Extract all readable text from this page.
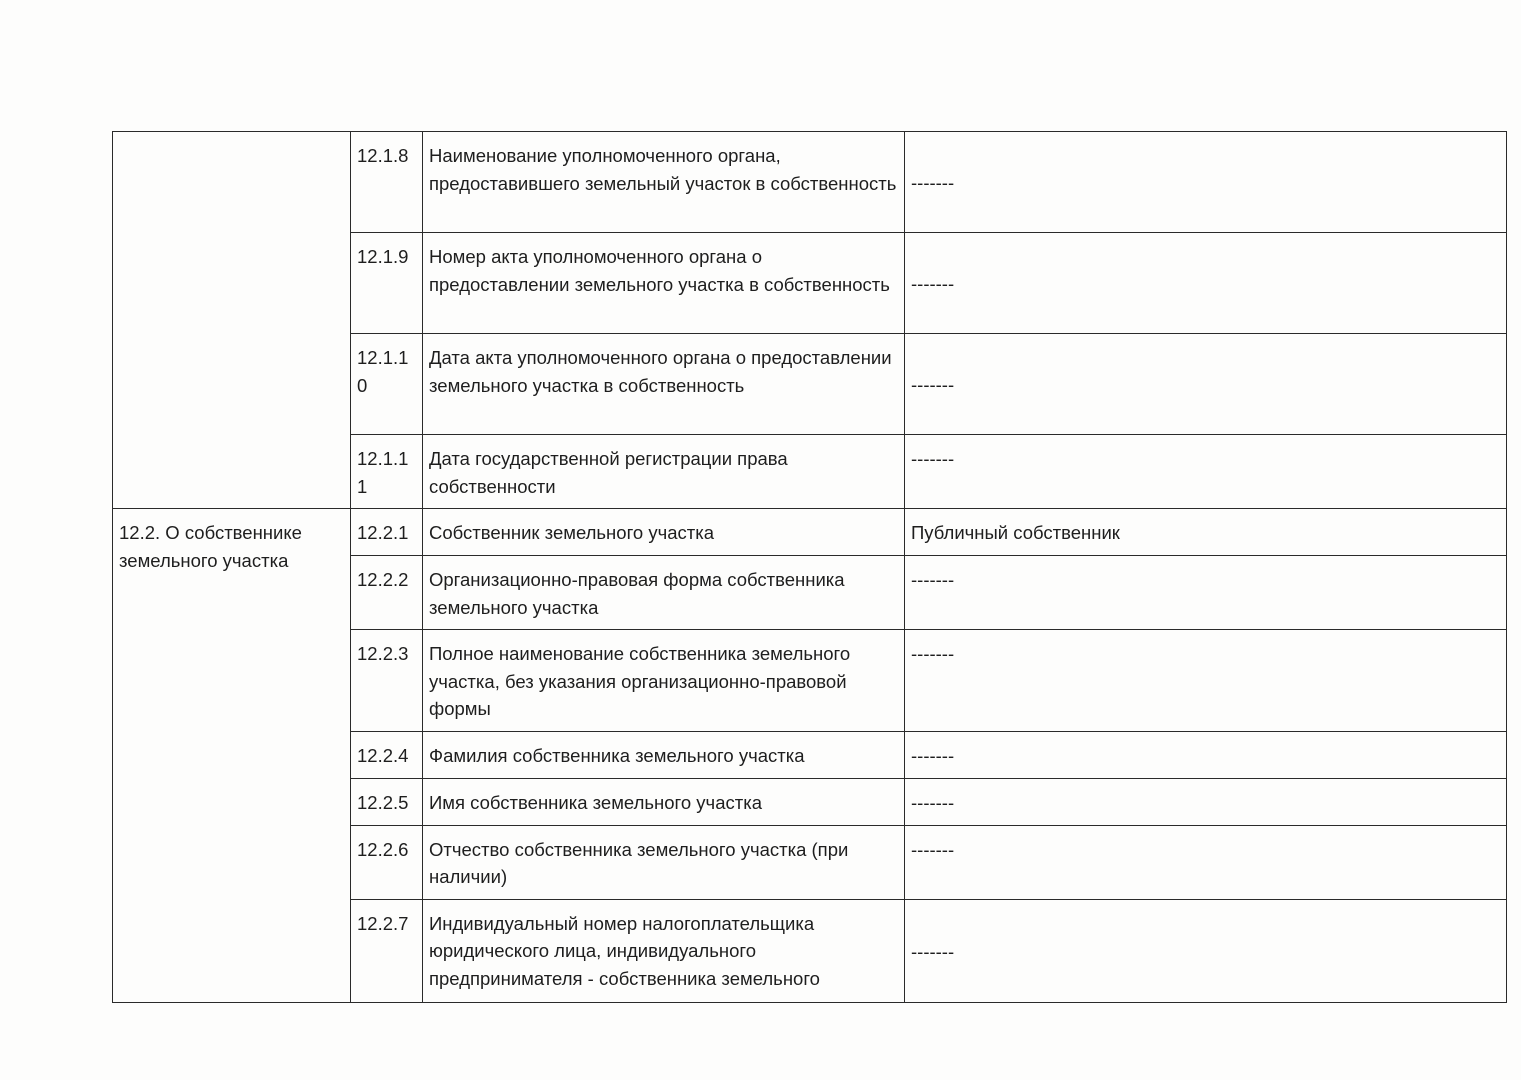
	12.1.8	Наименование уполномоченного органа, предоставившего земельный участок в собственность	-------
	12.1.9	Номер акта уполномоченного органа о предоставлении земельного участка в собственность	-------
	12.1.10	Дата акта уполномоченного органа о предоставлении земельного участка в собственность	-------
	12.1.11	Дата государственной регистрации права собственности	-------
12.2. О собственнике земельного участка	12.2.1	Собственник земельного участка	Публичный собственник
	12.2.2	Организационно-правовая форма собственника земельного участка	-------
	12.2.3	Полное наименование собственника земельного участка, без указания организационно-правовой формы	-------
	12.2.4	Фамилия собственника земельного участка	-------
	12.2.5	Имя собственника земельного участка	-------
	12.2.6	Отчество собственника земельного участка (при наличии)	-------
	12.2.7	Индивидуальный номер налогоплательщика юридического лица, индивидуального предпринимателя - собственника земельного	-------
